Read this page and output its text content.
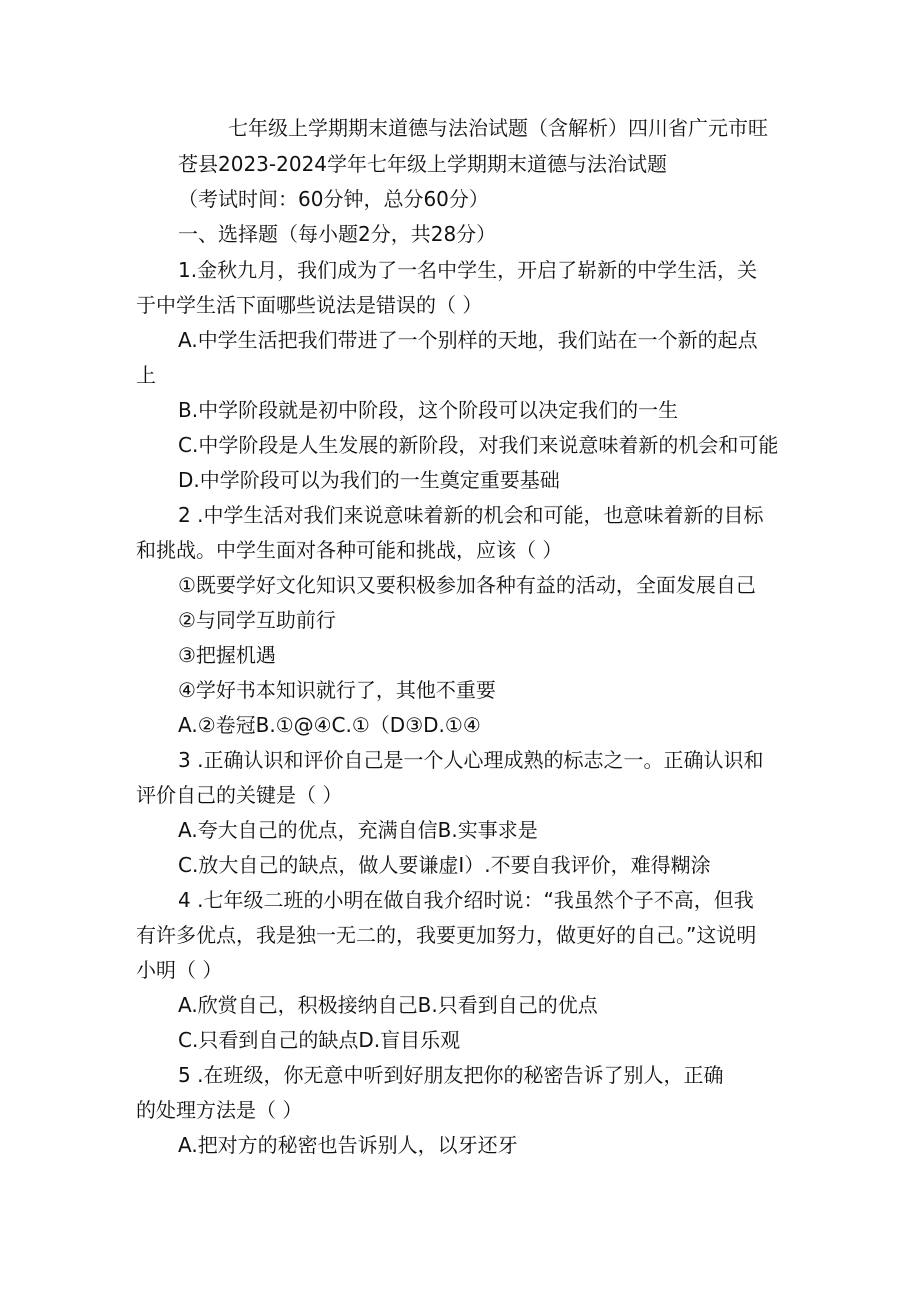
七年级上学期期末道德与法治试题（含解析）四川省广元市旺
苍县2023-2024学年七年级上学期期末道德与法治试题
（考试时间：60分钟，总分60分）
一、选择题（每小题2分，共28分）
1.金秋九月，我们成为了一名中学生，开启了崭新的中学生活，关
于中学生活下面哪些说法是错误的（ ）
A.中学生活把我们带进了一个别样的天地，我们站在一个新的起点
上
B.中学阶段就是初中阶段，这个阶段可以决定我们的一生
C.中学阶段是人生发展的新阶段，对我们来说意味着新的机会和可能
D.中学阶段可以为我们的一生奠定重要基础
2 .中学生活对我们来说意味着新的机会和可能，也意味着新的目标
和挑战。中学生面对各种可能和挑战，应该（ ）
①既要学好文化知识又要积极参加各种有益的活动，全面发展自己
②与同学互助前行
③把握机遇
④学好书本知识就行了，其他不重要
A.②卷冠B.①@④C.①（D③D.①④
3 .正确认识和评价自己是一个人心理成熟的标志之一。正确认识和
评价自己的关键是（ ）
A.夸大自己的优点，充满自信B.实事求是
C.放大自己的缺点，做人要谦虚I）.不要自我评价，难得糊涂
4 .七年级二班的小明在做自我介绍时说：“我虽然个子不高，但我
有许多优点，我是独一无二的，我要更加努力，做更好的自己。”这说明
小明（ ）
A.欣赏自己，积极接纳自己B.只看到自己的优点
C.只看到自己的缺点D.盲目乐观
5 .在班级，你无意中听到好朋友把你的秘密告诉了别人，正确
的处理方法是（ ）
A.把对方的秘密也告诉别人，以牙还牙
